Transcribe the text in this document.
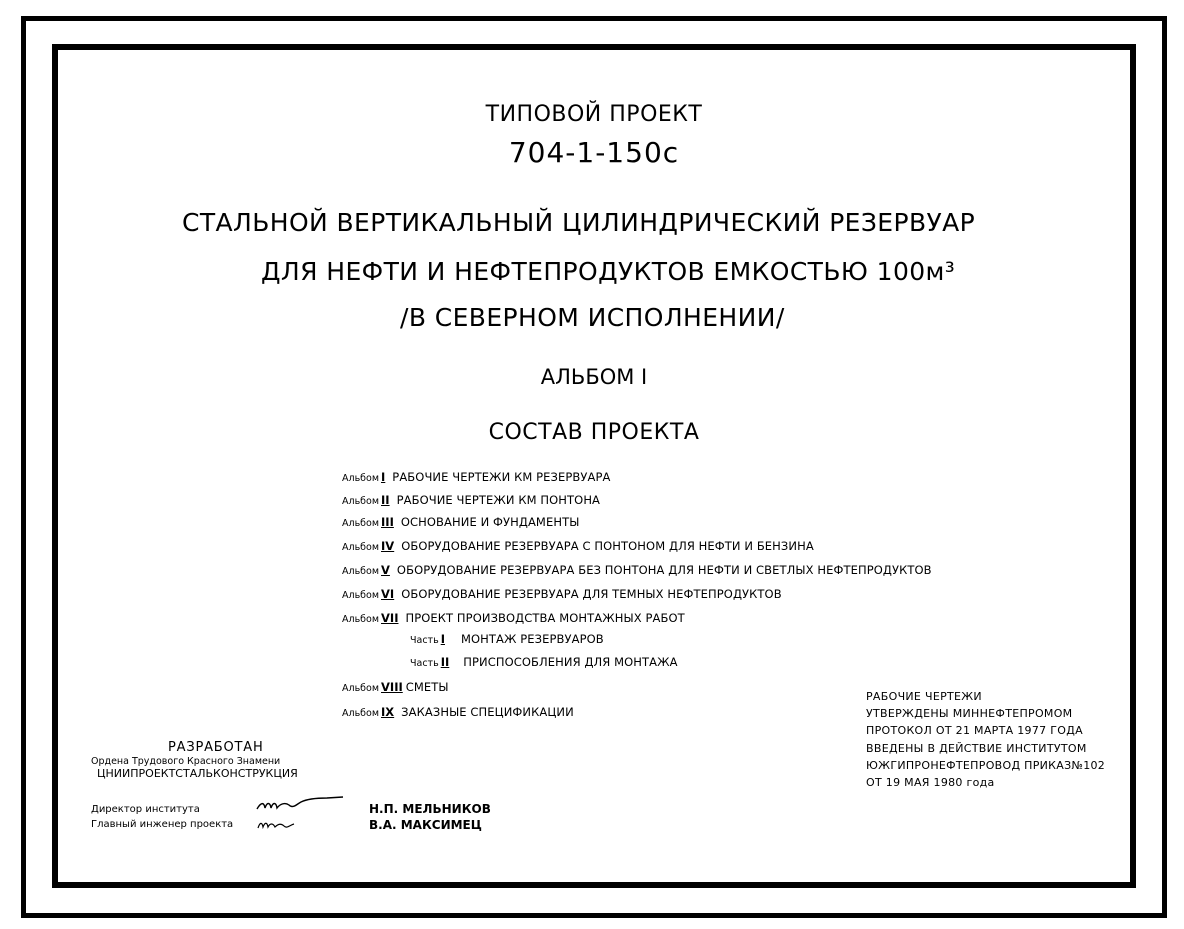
ТИПОВОЙ ПРОЕКТ
704-1-150с
СТАЛЬНОЙ ВЕРТИКАЛЬНЫЙ ЦИЛИНДРИЧЕСКИЙ РЕЗЕРВУАР
ДЛЯ НЕФТИ И НЕФТЕПРОДУКТОВ ЕМКОСТЬЮ 100м³
/В СЕВЕРНОМ ИСПОЛНЕНИИ/
АЛЬБОМ I
СОСТАВ ПРОЕКТА
Альбом I РАБОЧИЕ ЧЕРТЕЖИ КМ РЕЗЕРВУАРА
Альбом II РАБОЧИЕ ЧЕРТЕЖИ КМ ПОНТОНА
Альбом III ОСНОВАНИЕ И ФУНДАМЕНТЫ
Альбом IV ОБОРУДОВАНИЕ РЕЗЕРВУАРА С ПОНТОНОМ ДЛЯ НЕФТИ И БЕНЗИНА
Альбом V ОБОРУДОВАНИЕ РЕЗЕРВУАРА БЕЗ ПОНТОНА ДЛЯ НЕФТИ И СВЕТЛЫХ НЕФТЕПРОДУКТОВ
Альбом VI ОБОРУДОВАНИЕ РЕЗЕРВУАРА ДЛЯ ТЕМНЫХ НЕФТЕПРОДУКТОВ
Альбом VII ПРОЕКТ ПРОИЗВОДСТВА МОНТАЖНЫХ РАБОТ
Часть I МОНТАЖ РЕЗЕРВУАРОВ
Часть II ПРИСПОСОБЛЕНИЯ ДЛЯ МОНТАЖА
Альбом VIII СМЕТЫ
Альбом IX ЗАКАЗНЫЕ СПЕЦИФИКАЦИИ
РАЗРАБОТАН
Ордена Трудового Красного Знамени
ЦНИИПРОЕКТСТАЛЬКОНСТРУКЦИЯ
Директор института
Главный инженер проекта
Н.П. МЕЛЬНИКОВ
В.А. МАКСИМЕЦ
РАБОЧИЕ ЧЕРТЕЖИ
УТВЕРЖДЕНЫ МИННЕФТЕПРОМОМ
ПРОТОКОЛ ОТ 21 МАРТА 1977 ГОДА
ВВЕДЕНЫ В ДЕЙСТВИЕ ИНСТИТУТОМ
ЮЖГИПРОНЕФТЕПРОВОД ПРИКАЗ№102
ОТ 19 МАЯ 1980 года
